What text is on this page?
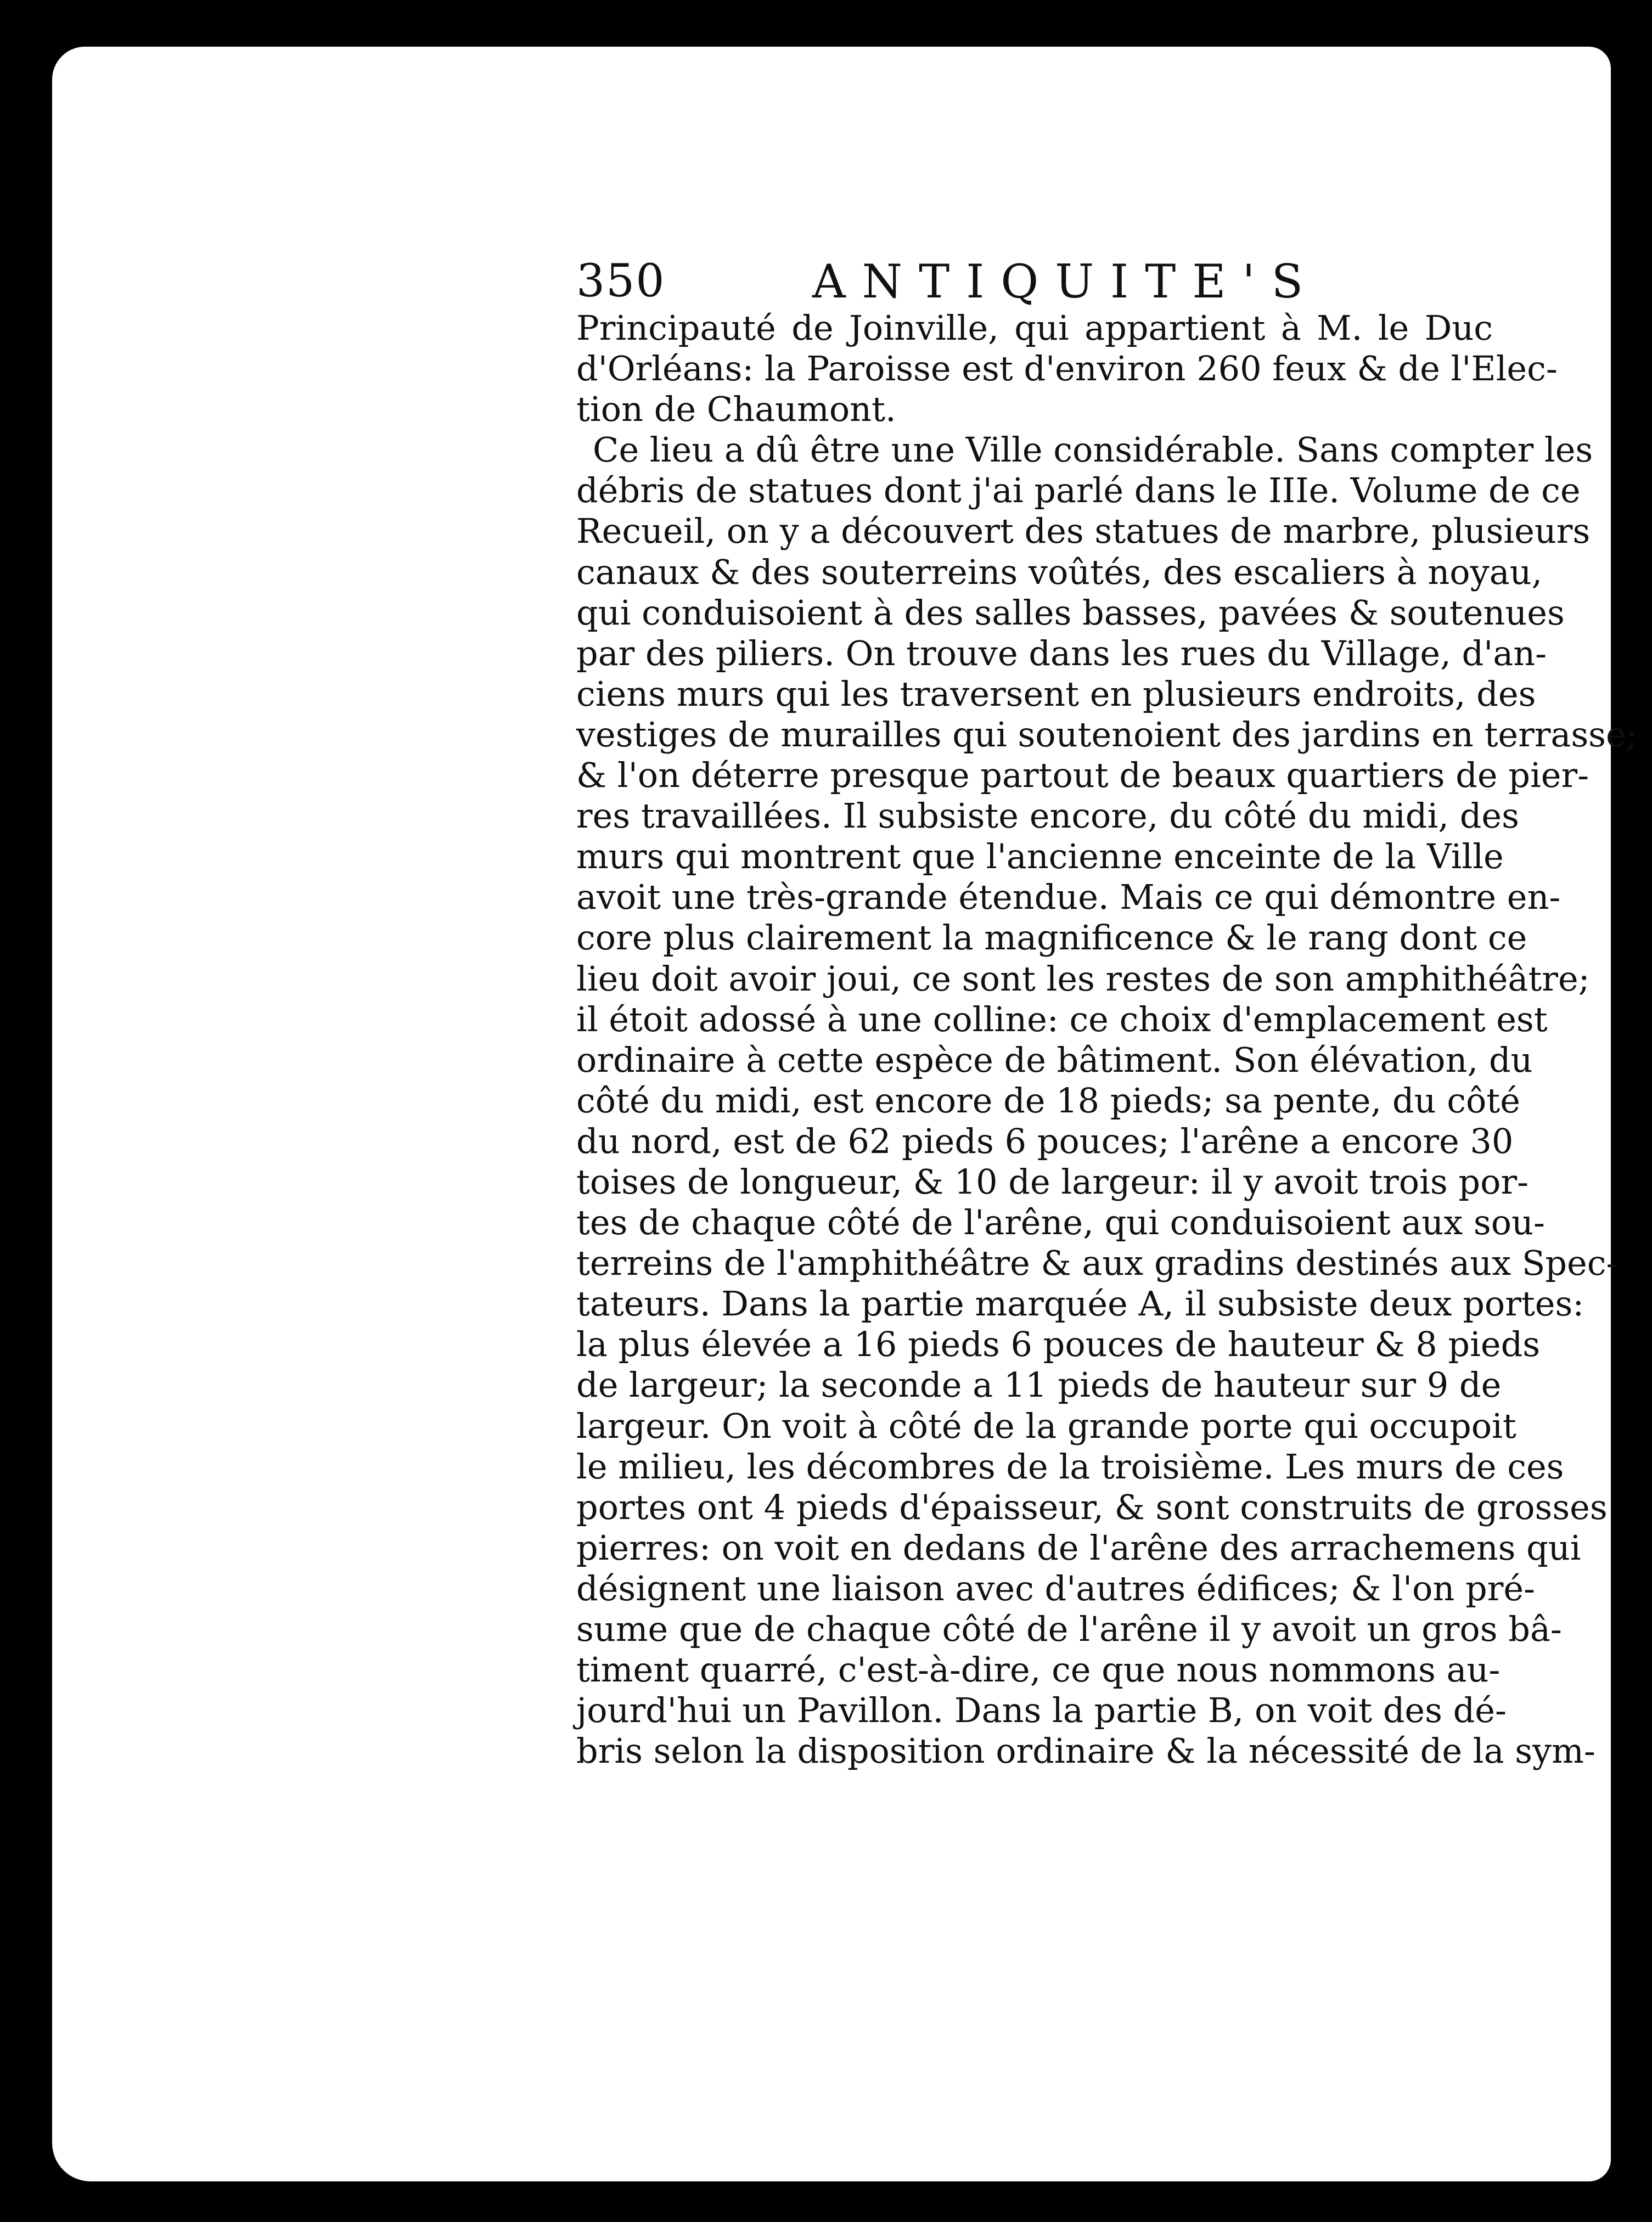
350	ANTIQUITE'S
Principauté de Joinville, qui appartient à M. le Duc
d'Orléans: la Paroisse est d'environ 260 feux & de l'Elec-
tion de Chaumont.
Ce lieu a dû être une Ville considérable. Sans compter les
débris de statues dont j'ai parlé dans le IIIe. Volume de ce
Recueil, on y a découvert des statues de marbre, plusieurs
canaux & des souterreins voûtés, des escaliers à noyau,
qui conduisoient à des salles basses, pavées & soutenues
par des piliers. On trouve dans les rues du Village, d'an-
ciens murs qui les traversent en plusieurs endroits, des
vestiges de murailles qui soutenoient des jardins en terrasse;
& l'on déterre presque partout de beaux quartiers de pier-
res travaillées. Il subsiste encore, du côté du midi, des
murs qui montrent que l'ancienne enceinte de la Ville
avoit une très-grande étendue. Mais ce qui démontre en-
core plus clairement la magnificence & le rang dont ce
lieu doit avoir joui, ce sont les restes de son amphithéâtre;
il étoit adossé à une colline: ce choix d'emplacement est
ordinaire à cette espèce de bâtiment. Son élévation, du
côté du midi, est encore de 18 pieds; sa pente, du côté
du nord, est de 62 pieds 6 pouces; l'arêne a encore 30
toises de longueur, & 10 de largeur: il y avoit trois por-
tes de chaque côté de l'arêne, qui conduisoient aux sou-
terreins de l'amphithéâtre & aux gradins destinés aux Spec-
tateurs. Dans la partie marquée A, il subsiste deux portes:
la plus élevée a 16 pieds 6 pouces de hauteur & 8 pieds
de largeur; la seconde a 11 pieds de hauteur sur 9 de
largeur. On voit à côté de la grande porte qui occupoit
le milieu, les décombres de la troisième. Les murs de ces
portes ont 4 pieds d'épaisseur, & sont construits de grosses
pierres: on voit en dedans de l'arêne des arrachemens qui
désignent une liaison avec d'autres édifices; & l'on pré-
sume que de chaque côté de l'arêne il y avoit un gros bâ-
timent quarré, c'est-à-dire, ce que nous nommons au-
jourd'hui un Pavillon. Dans la partie B, on voit des dé-
bris selon la disposition ordinaire & la nécessité de la sym-
